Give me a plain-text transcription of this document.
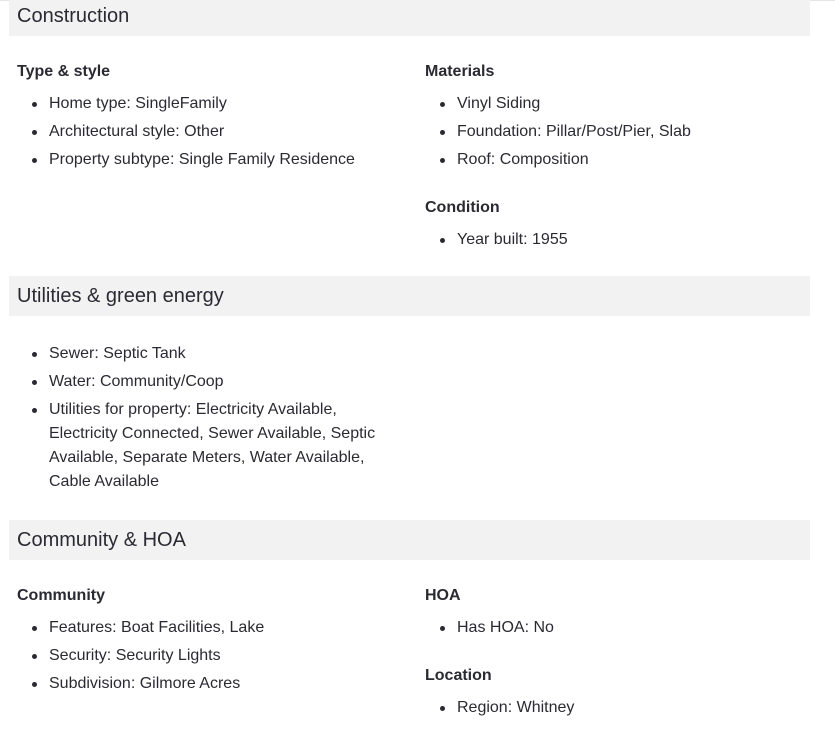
Construction
Type & style
Home type: SingleFamily
Architectural style: Other
Property subtype: Single Family Residence
Materials
Vinyl Siding
Foundation: Pillar/Post/Pier, Slab
Roof: Composition
Condition
Year built: 1955
Utilities & green energy
Sewer: Septic Tank
Water: Community/Coop
Utilities for property: Electricity Available, Electricity Connected, Sewer Available, Septic Available, Separate Meters, Water Available, Cable Available
Community & HOA
Community
Features: Boat Facilities, Lake
Security: Security Lights
Subdivision: Gilmore Acres
HOA
Has HOA: No
Location
Region: Whitney
